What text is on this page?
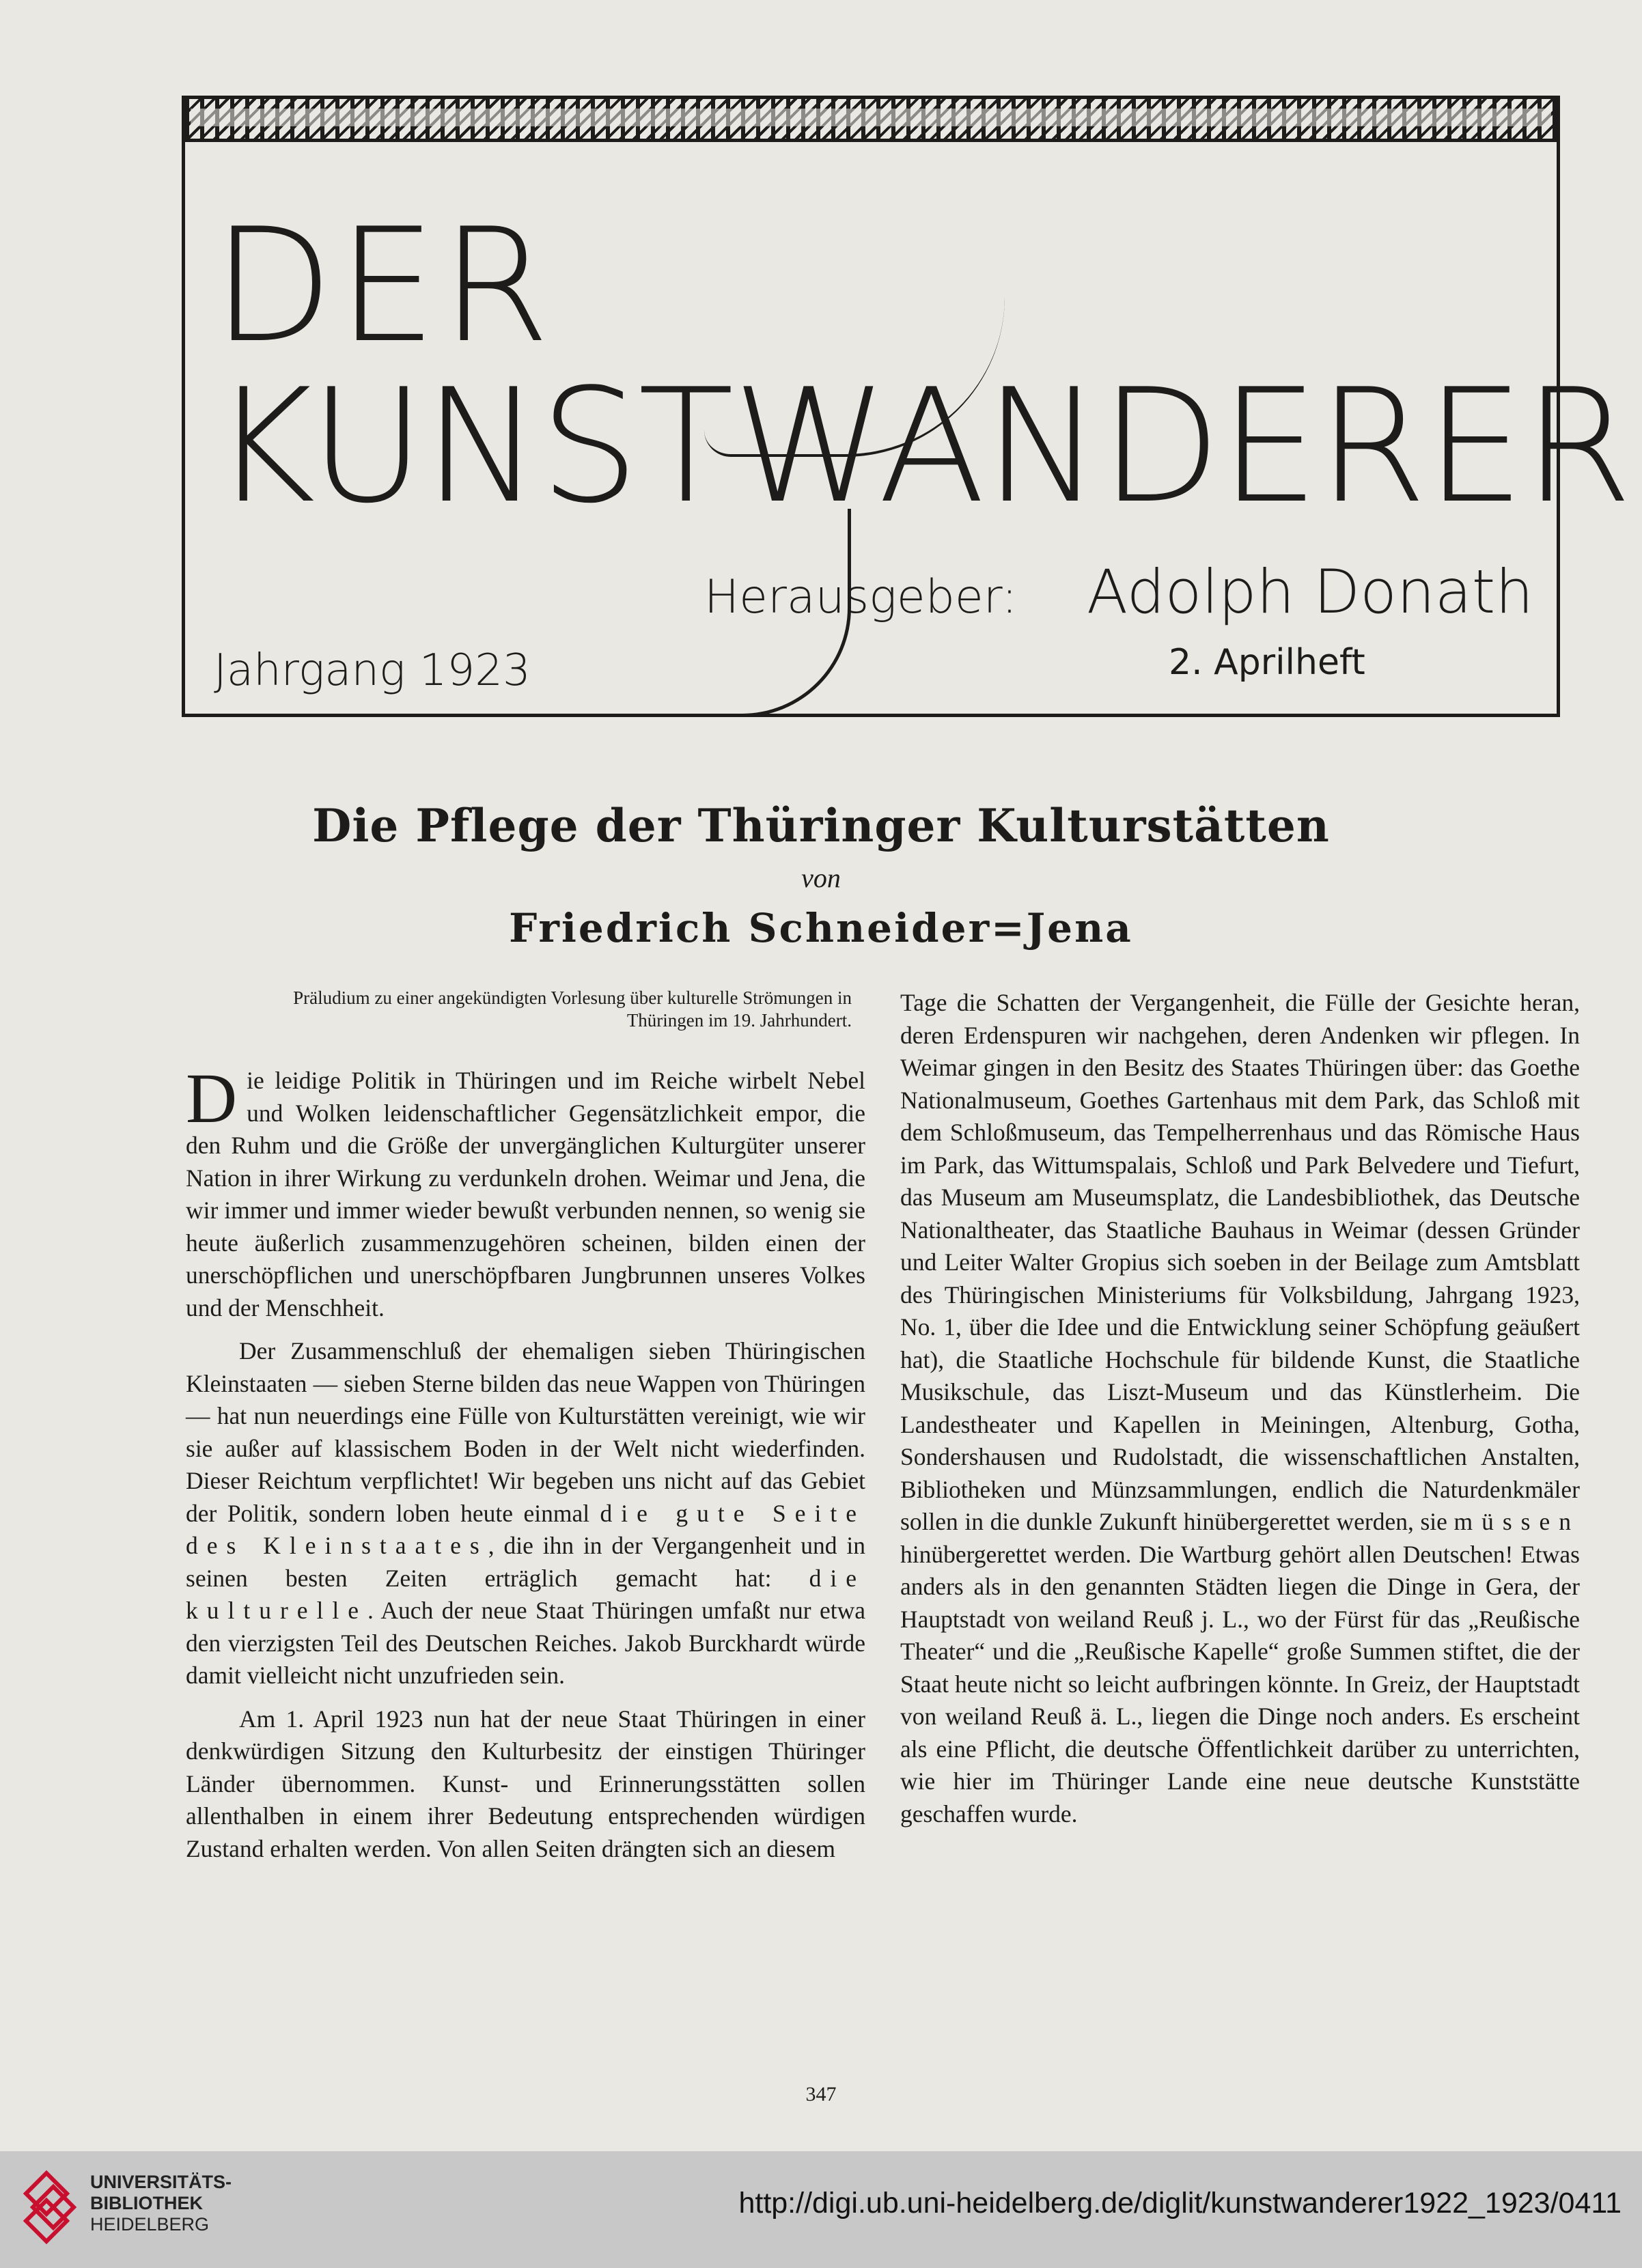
DER
KUNSTWANDERER
Herausgeber: Adolph Donath
Jahrgang 1923	2. Aprilheft
Die Pflege der Thüringer Kulturstätten
von
Friedrich Schneider=Jena
Präludium zu einer angekündigten Vorlesung über kulturelle Strömungen in Thüringen im 19. Jahrhundert.

Die leidige Politik in Thüringen und im Reiche wirbelt Nebel und Wolken leidenschaftlicher Gegensätzlichkeit empor, die den Ruhm und die Größe der unvergänglichen Kulturgüter unserer Nation in ihrer Wirkung zu verdunkeln drohen. Weimar und Jena, die wir immer und immer wieder bewußt verbunden nennen, so wenig sie heute äußerlich zusammenzugehören scheinen, bilden einen der unerschöpflichen und unerschöpfbaren Jungbrunnen unseres Volkes und der Menschheit.

Der Zusammenschluß der ehemaligen sieben Thüringischen Kleinstaaten — sieben Sterne bilden das neue Wappen von Thüringen — hat nun neuerdings eine Fülle von Kulturstätten vereinigt, wie wir sie außer auf klassischem Boden in der Welt nicht wiederfinden. Dieser Reichtum verpflichtet! Wir begeben uns nicht auf das Gebiet der Politik, sondern loben heute einmal die gute Seite des Kleinstaates, die ihn in der Vergangenheit und in seinen besten Zeiten erträglich gemacht hat: die kulturelle. Auch der neue Staat Thüringen umfaßt nur etwa den vierzigsten Teil des Deutschen Reiches. Jakob Burckhardt würde damit vielleicht nicht unzufrieden sein.

Am 1. April 1923 nun hat der neue Staat Thüringen in einer denkwürdigen Sitzung den Kulturbesitz der einstigen Thüringer Länder übernommen. Kunst- und Erinnerungsstätten sollen allenthalben in einem ihrer Bedeutung entsprechenden würdigen Zustand erhalten werden. Von allen Seiten drängten sich an diesem

Tage die Schatten der Vergangenheit, die Fülle der Gesichte heran, deren Erdenspuren wir nachgehen, deren Andenken wir pflegen. In Weimar gingen in den Besitz des Staates Thüringen über: das Goethe Nationalmuseum, Goethes Gartenhaus mit dem Park, das Schloß mit dem Schloßmuseum, das Tempelherrenhaus und das Römische Haus im Park, das Wittumspalais, Schloß und Park Belvedere und Tiefurt, das Museum am Museumsplatz, die Landesbibliothek, das Deutsche Nationaltheater, das Staatliche Bauhaus in Weimar (dessen Gründer und Leiter Walter Gropius sich soeben in der Beilage zum Amtsblatt des Thüringischen Ministeriums für Volksbildung, Jahrgang 1923, No. 1, über die Idee und die Entwicklung seiner Schöpfung geäußert hat), die Staatliche Hochschule für bildende Kunst, die Staatliche Musikschule, das Liszt-Museum und das Künstlerheim. Die Landestheater und Kapellen in Meiningen, Altenburg, Gotha, Sondershausen und Rudolstadt, die wissenschaftlichen Anstalten, Bibliotheken und Münzsammlungen, endlich die Naturdenkmäler sollen in die dunkle Zukunft hinübergerettet werden, sie müssen hinübergerettet werden. Die Wartburg gehört allen Deutschen! Etwas anders als in den genannten Städten liegen die Dinge in Gera, der Hauptstadt von weiland Reuß j. L., wo der Fürst für das „Reußische Theater“ und die „Reußische Kapelle“ große Summen stiftet, die der Staat heute nicht so leicht aufbringen könnte. In Greiz, der Hauptstadt von weiland Reuß ä. L., liegen die Dinge noch anders. Es erscheint als eine Pflicht, die deutsche Öffentlichkeit darüber zu unterrichten, wie hier im Thüringer Lande eine neue deutsche Kunststätte geschaffen wurde.

347
UNIVERSITÄTS-
BIBLIOTHEK
HEIDELBERG
http://digi.ub.uni-heidelberg.de/diglit/kunstwanderer1922_1923/0411
